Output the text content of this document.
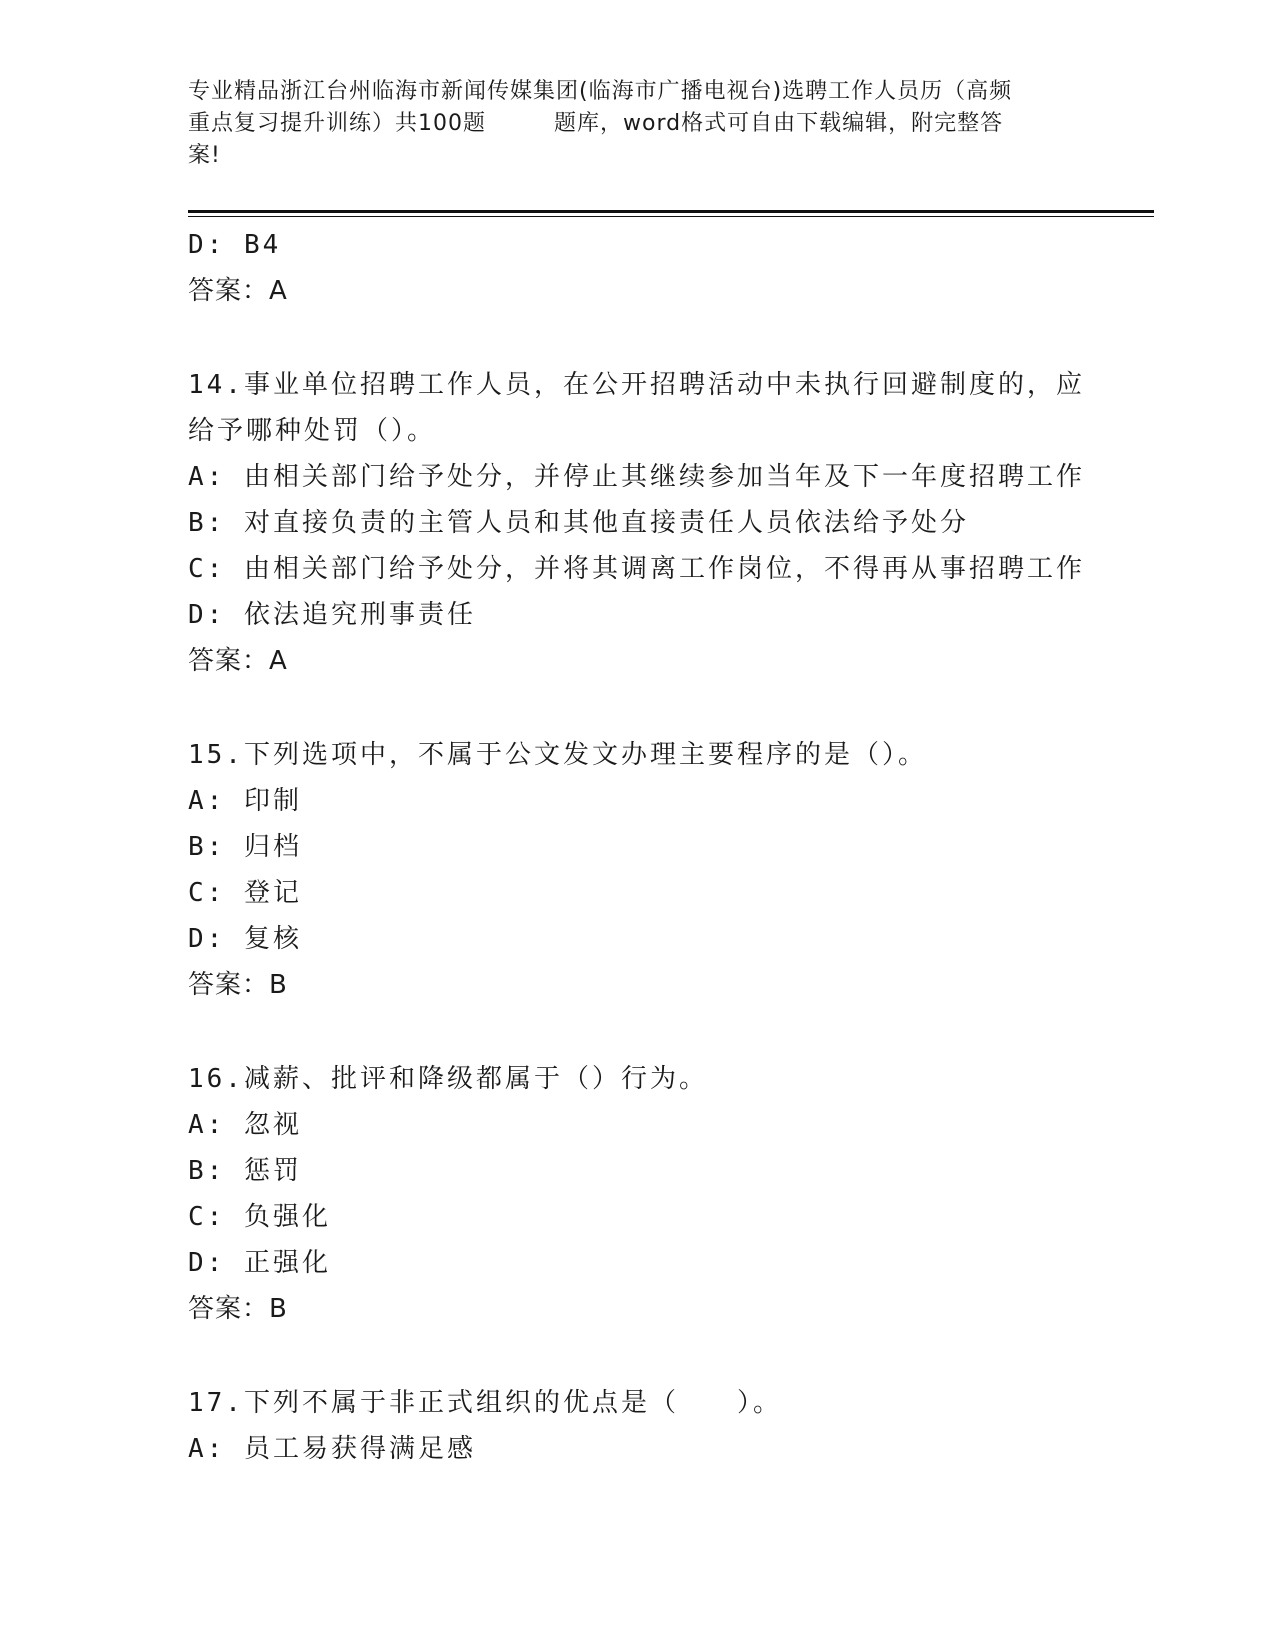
专业精品浙江台州临海市新闻传媒集团(临海市广播电视台)选聘工作人员历（高频
重点复习提升训练）共100题	题库，word格式可自由下载编辑，附完整答
案!
D: B4
答案：A
14.事业单位招聘工作人员，在公开招聘活动中未执行回避制度的，应
给予哪种处罚（）。
A: 由相关部门给予处分，并停止其继续参加当年及下一年度招聘工作
B: 对直接负责的主管人员和其他直接责任人员依法给予处分
C: 由相关部门给予处分，并将其调离工作岗位，不得再从事招聘工作
D: 依法追究刑事责任
答案：A
15.下列选项中，不属于公文发文办理主要程序的是（）。
A: 印制
B: 归档
C: 登记
D: 复核
答案：B
16.减薪、批评和降级都属于（）行为。
A: 忽视
B: 惩罚
C: 负强化
D: 正强化
答案：B
17.下列不属于非正式组织的优点是（　　）。
A: 员工易获得满足感
